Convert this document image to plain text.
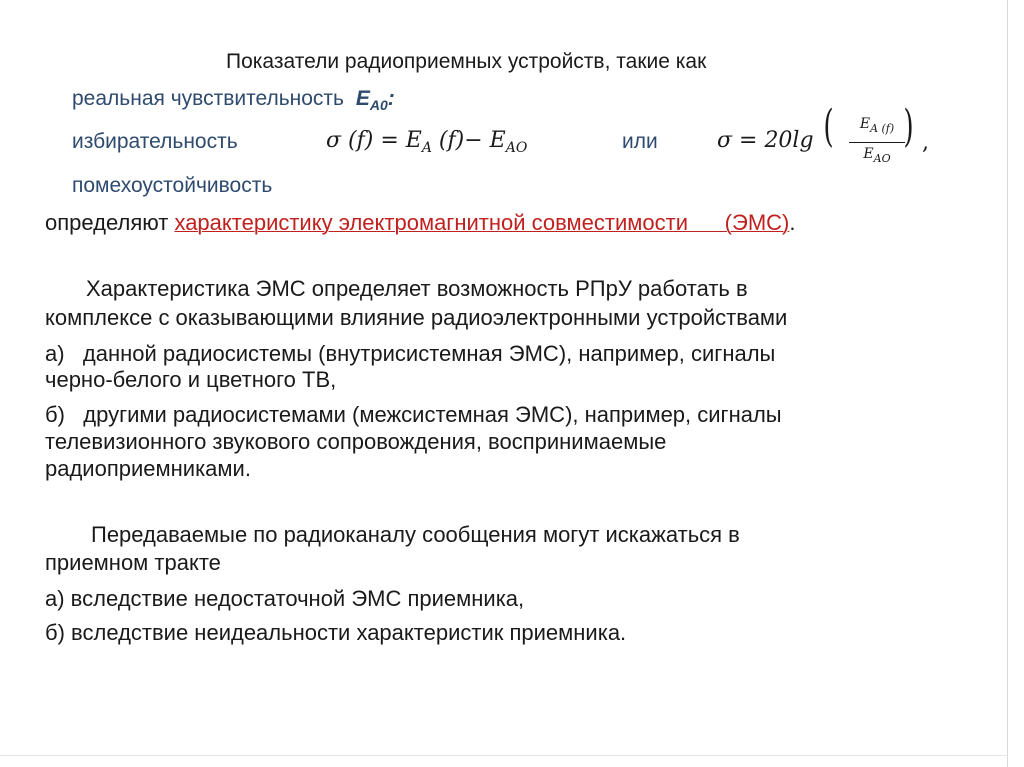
Показатели радиоприемных устройств, такие как
реальная чувствительность $E_{A0}$:
избирательность	σ $(f) = E_A$ $(f)- E_{AO}$	или	σ = 20lg (	$E_{A (f)}$
$E_{AO}$
) ,
помехоустойчивость
определяют характеристику электромагнитной совместимости      (ЭМС).
Характеристика ЭМС определяет возможность РПрУ работать в
комплексе с оказывающими влияние радиоэлектронными устройствами
а)   данной радиосистемы (внутрисистемная ЭМС), например, сигналы
черно-белого и цветного ТВ,
б)   другими радиосистемами (межсистемная ЭМС), например, сигналы
телевизионного звукового сопровождения, воспринимаемые
радиоприемниками.
Передаваемые по радиоканалу сообщения могут искажаться в
приемном тракте
а) вследствие недостаточной ЭМС приемника,
б) вследствие неидеальности характеристик приемника.
